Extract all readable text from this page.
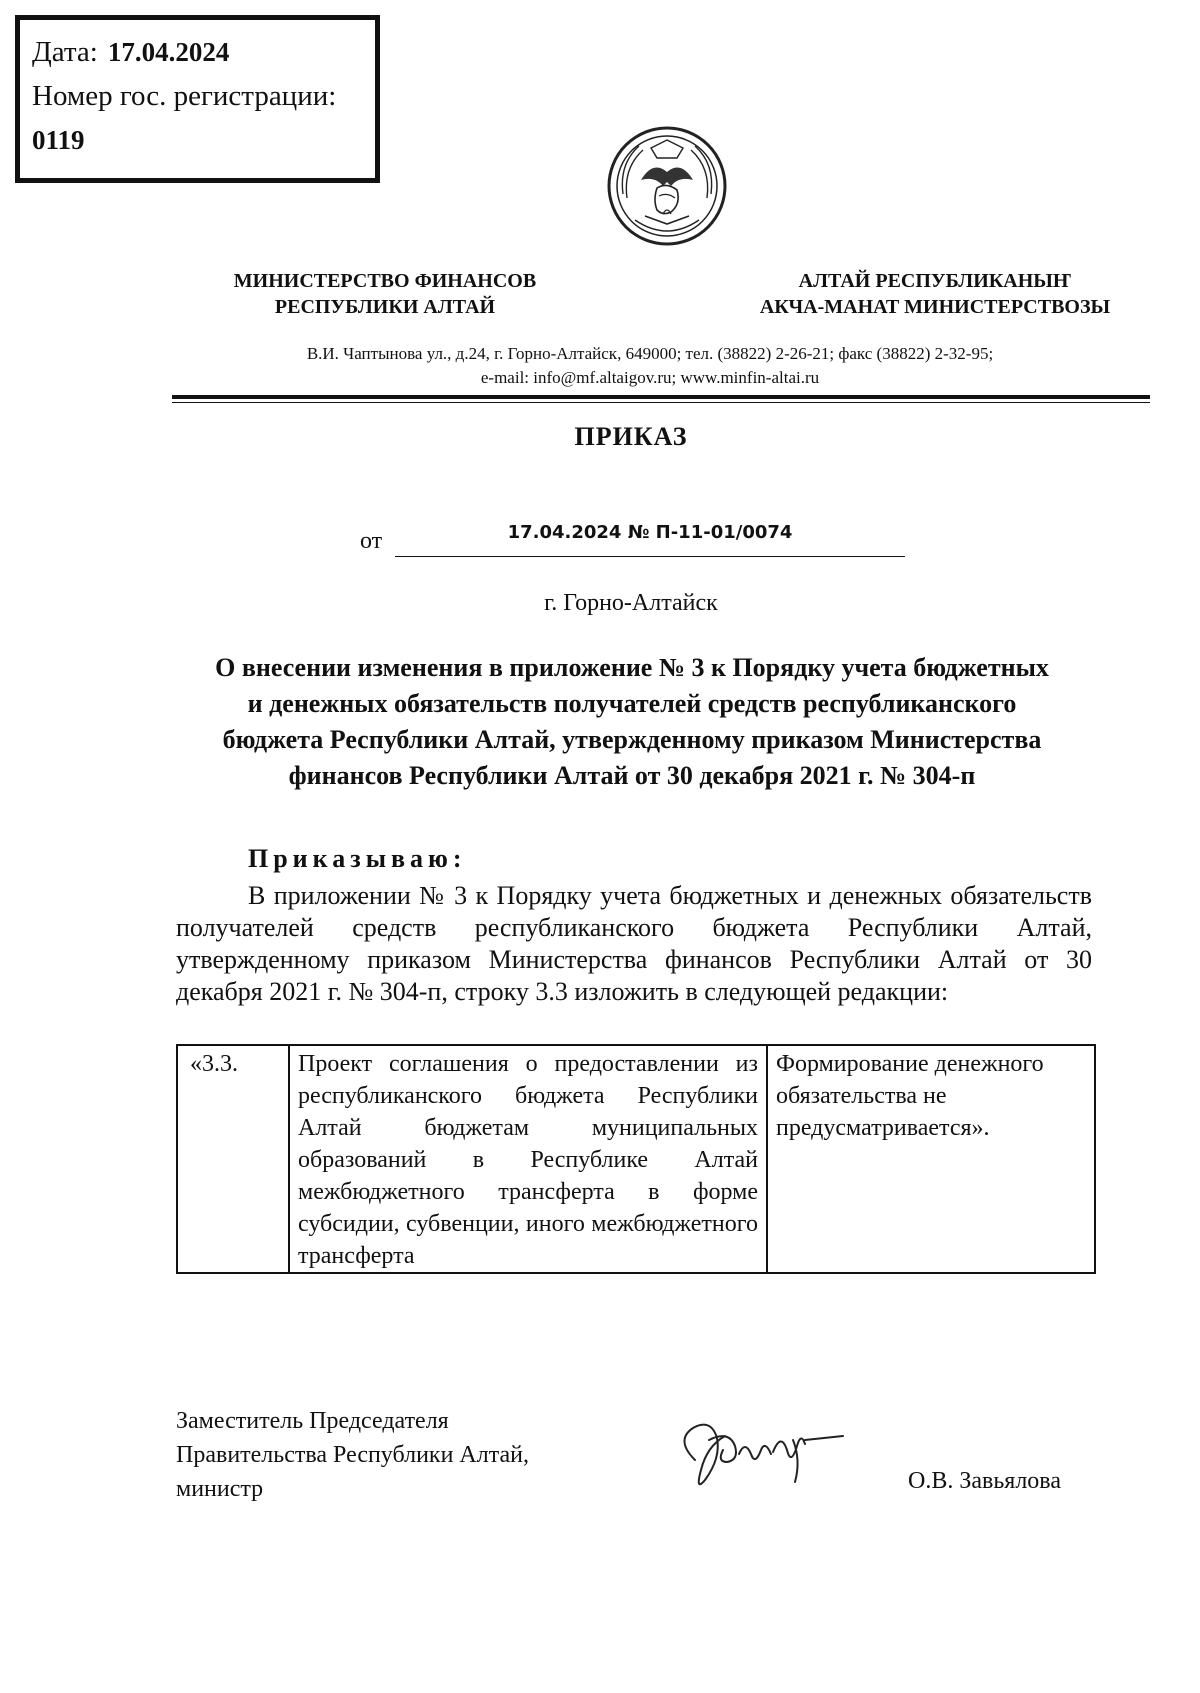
Дата: 17.04.2024
Номер гос. регистрации:
0119
МИНИСТЕРСТВО ФИНАНСОВ
РЕСПУБЛИКИ АЛТАЙ
АЛТАЙ РЕСПУБЛИКАНЫҤ
АКЧА-МАНАТ МИНИСТЕРСТВОЗЫ
В.И. Чаптынова ул., д.24, г. Горно-Алтайск, 649000; тел. (38822) 2-26-21; факс (38822) 2-32-95;
e-mail: info@mf.altaigov.ru; www.minfin-altai.ru
ПРИКАЗ
от	17.04.2024 № П-11-01/0074
г. Горно-Алтайск
О внесении изменения в приложение № 3 к Порядку учета бюджетных
и денежных обязательств получателей средств республиканского
бюджета Республики Алтай, утвержденному приказом Министерства
финансов Республики Алтай от 30 декабря 2021 г. № 304-п
Приказываю:
В приложении № 3 к Порядку учета бюджетных и денежных обязательств получателей средств республиканского бюджета Республики Алтай, утвержденному приказом Министерства финансов Республики Алтай от 30 декабря 2021 г. № 304-п, строку 3.3 изложить в следующей редакции:
«3.3.	Проект соглашения о предоставлении из республиканского бюджета Республики Алтай бюджетам муниципальных образований в Республике Алтай межбюджетного трансферта в форме субсидии, субвенции, иного межбюджетного трансферта	Формирование денежного обязательства не предусматривается».
Заместитель Председателя
Правительства Республики Алтай,
министр	О.В. Завьялова
